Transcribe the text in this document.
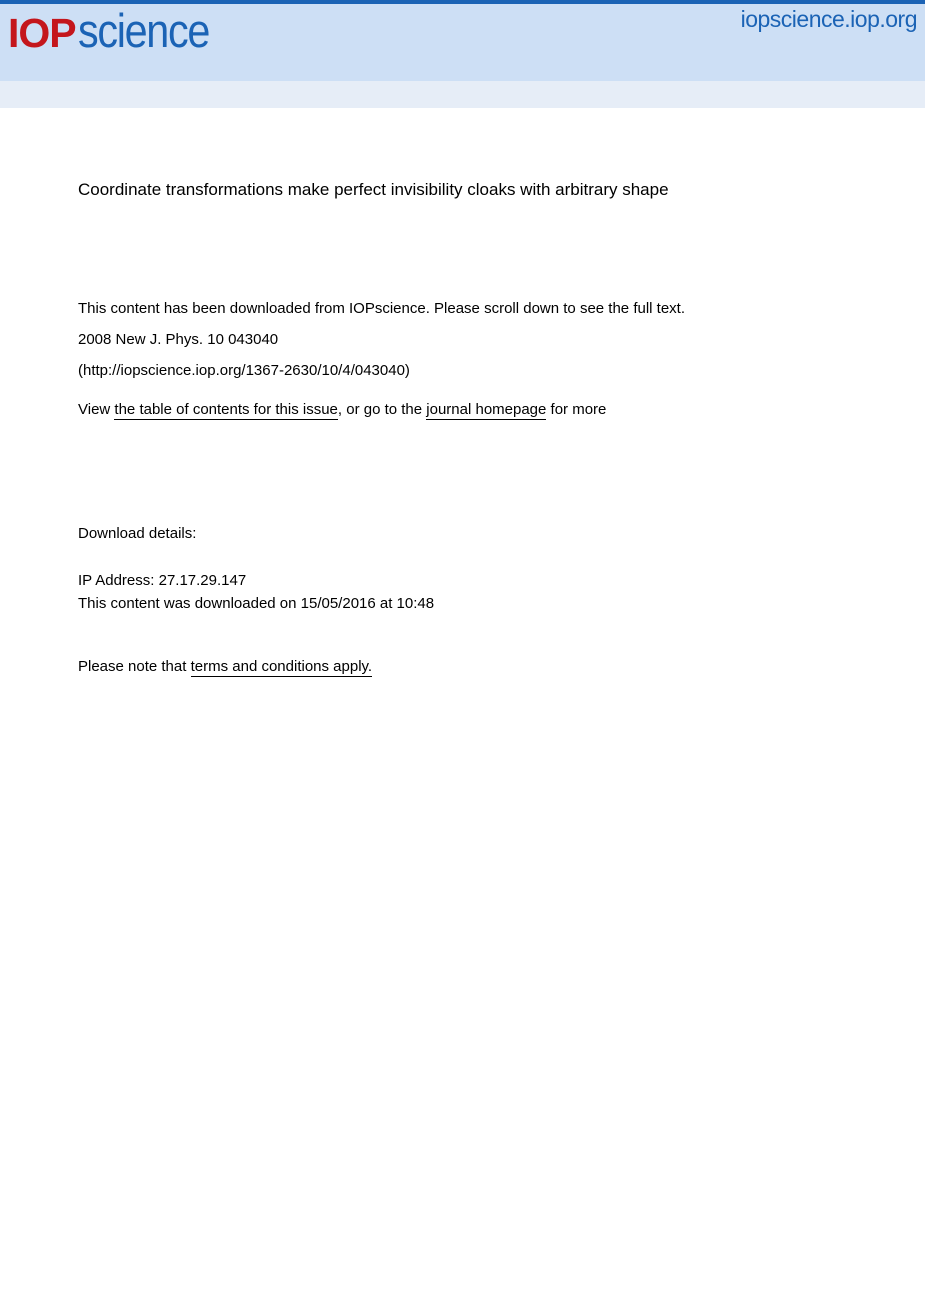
IOP science	iopscience.iop.org
Coordinate transformations make perfect invisibility cloaks with arbitrary shape

This content has been downloaded from IOPscience. Please scroll down to see the full text.

2008 New J. Phys. 10 043040

(http://iopscience.iop.org/1367-2630/10/4/043040)

View the table of contents for this issue, or go to the journal homepage for more

Download details:

IP Address: 27.17.29.147

This content was downloaded on 15/05/2016 at 10:48

Please note that terms and conditions apply.
